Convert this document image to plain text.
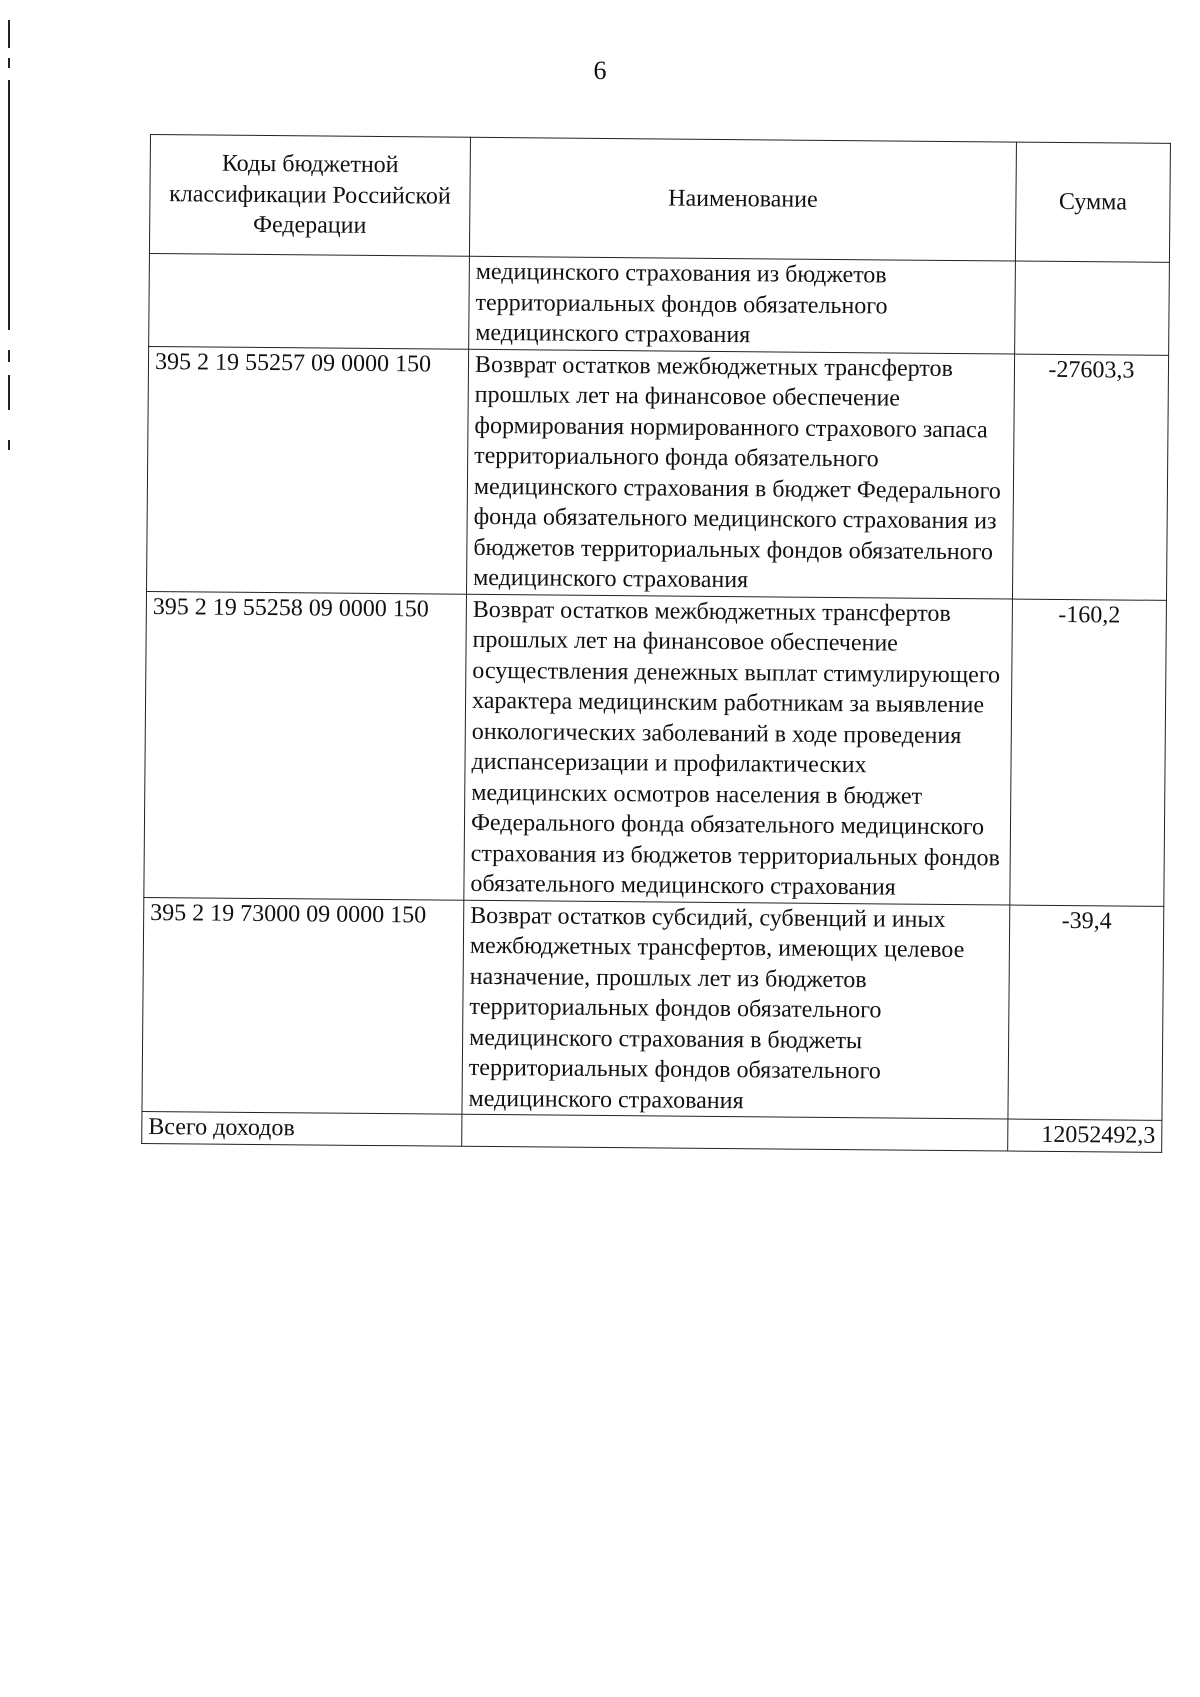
6
Коды бюджетной классификации Российской Федерации	Наименование	Сумма
	медицинского страхования из бюджетов территориальных фондов обязательного медицинского страхования	
395 2 19 55257 09 0000 150	Возврат остатков межбюджетных трансфертов прошлых лет на финансовое обеспечение формирования нормированного страхового запаса территориального фонда обязательного медицинского страхования в бюджет Федерального фонда обязательного медицинского страхования из бюджетов территориальных фондов обязательного медицинского страхования	-27603,3
395 2 19 55258 09 0000 150	Возврат остатков межбюджетных трансфертов прошлых лет на финансовое обеспечение осуществления денежных выплат стимулирующего характера медицинским работникам за выявление онкологических заболеваний в ходе проведения диспансеризации и профилактических медицинских осмотров населения в бюджет Федерального фонда обязательного медицинского страхования из бюджетов территориальных фондов обязательного медицинского страхования	-160,2
395 2 19 73000 09 0000 150	Возврат остатков субсидий, субвенций и иных межбюджетных трансфертов, имеющих целевое назначение, прошлых лет из бюджетов территориальных фондов обязательного медицинского страхования в бюджеты территориальных фондов обязательного медицинского страхования	-39,4
Всего доходов		12052492,3
